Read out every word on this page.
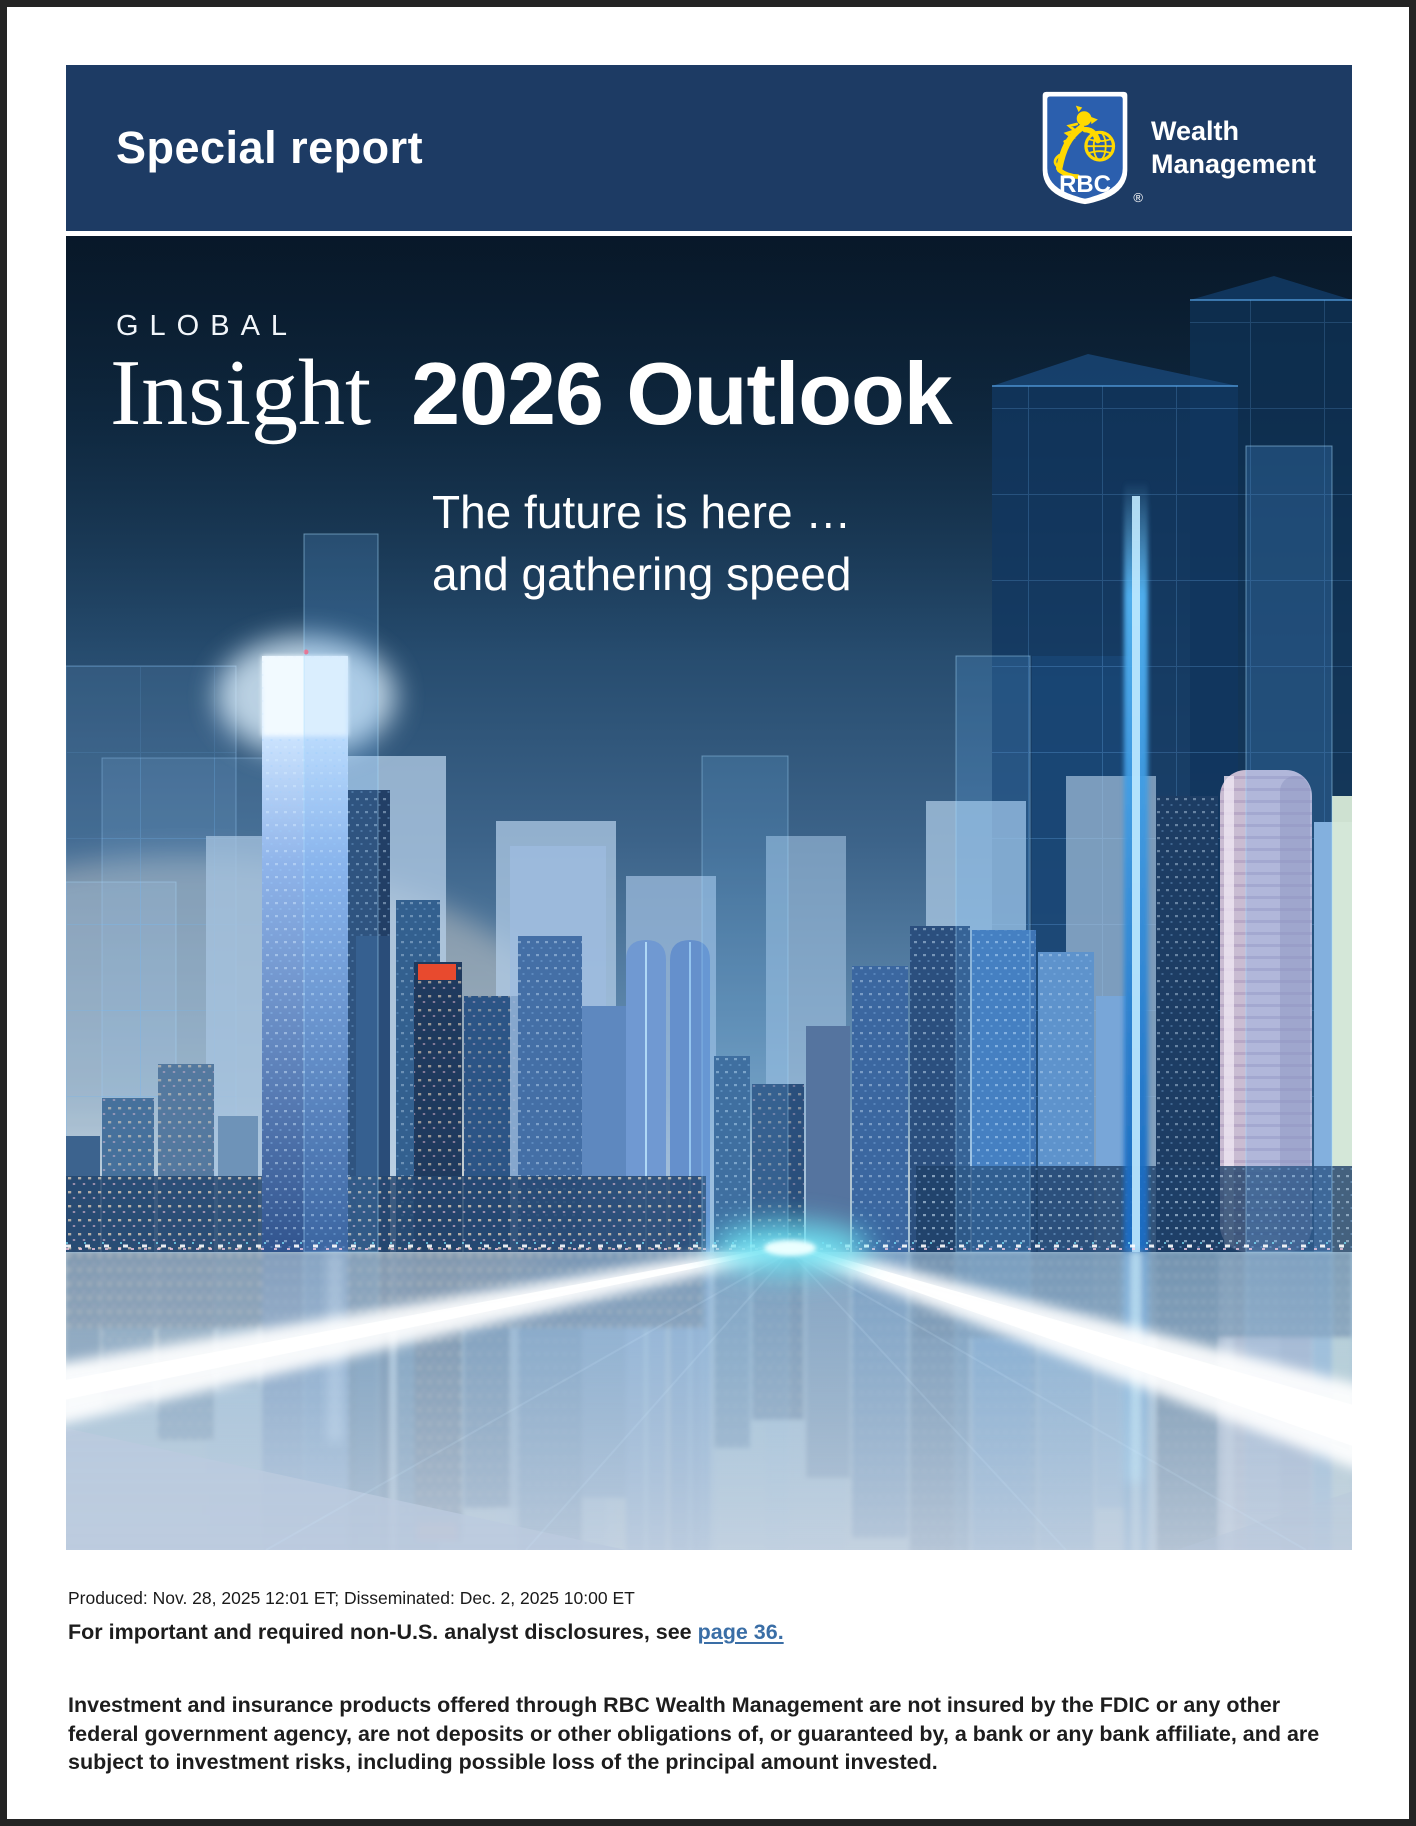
Special report
RBC ®
Wealth
Management
GLOBAL
Insight 2026 Outlook
The future is here …
and gathering speed
Produced: Nov. 28, 2025 12:01 ET; Disseminated: Dec. 2, 2025 10:00 ET
For important and required non-U.S. analyst disclosures, see page 36.
Investment and insurance products offered through RBC Wealth Management are not insured by the FDIC or any other federal government agency, are not deposits or other obligations of, or guaranteed by, a bank or any bank affiliate, and are subject to investment risks, including possible loss of the principal amount invested.
